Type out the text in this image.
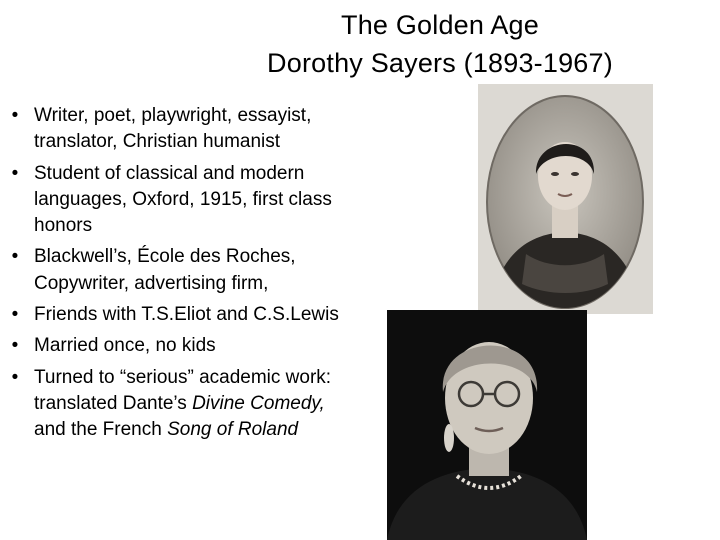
The Golden Age
Dorothy Sayers (1893-1967)
• Writer, poet, playwright, essayist, translator, Christian humanist
• Student of classical and modern languages, Oxford, 1915, first class honors
• Blackwell’s, École des Roches, Copywriter, advertising firm,
• Friends with T.S.Eliot and C.S.Lewis
• Married once, no kids
• Turned to “serious” academic work: translated Dante’s Divine Comedy, and the French Song of Roland
